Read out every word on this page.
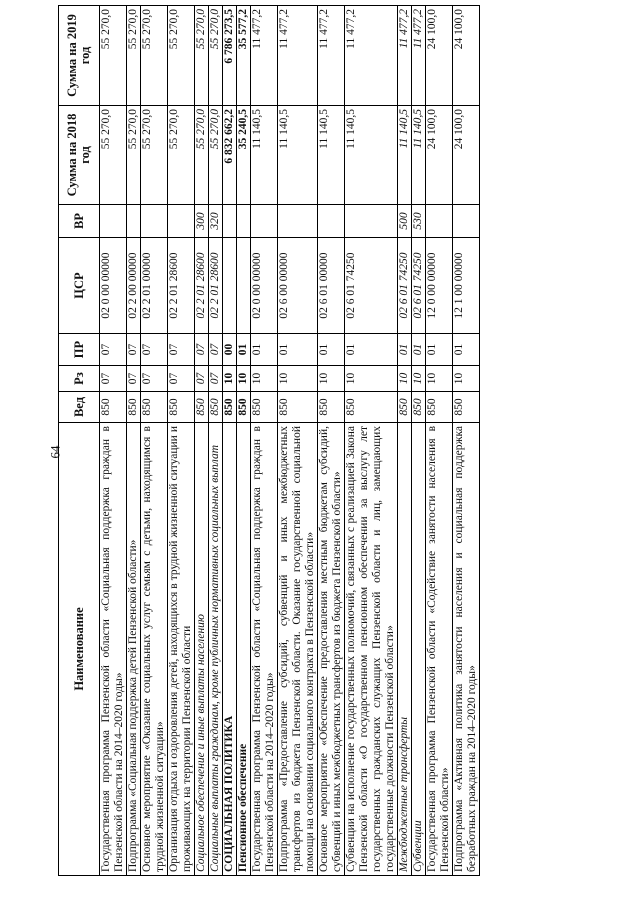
64
Наименование	Вед	Рз	ПР	ЦСР	ВР	Сумма на 2018 год	Сумма на 2019 год
Государственная программа Пензенской области «Социальная поддержка граждан в Пензенской области на 2014–2020 годы»	850	07	07	02 0 00 00000		55 270,0	55 270,0
Подпрограмма «Социальная поддержка детей Пензенской области»	850	07	07	02 2 00 00000		55 270,0	55 270,0
Основное мероприятие «Оказание социальных услуг семьям с детьми, находящимся в трудной жизненной ситуации»	850	07	07	02 2 01 00000		55 270,0	55 270,0
Организация отдыха и оздоровления детей, находящихся в трудной жизненной ситуации и проживающих на территории Пензенской области	850	07	07	02 2 01 28600		55 270,0	55 270,0
Социальное обеспечение и иные выплаты населению	850	07	07	02 2 01 28600	300	55 270,0	55 270,0
Социальные выплаты гражданам, кроме публичных нормативных социальных выплат	850	07	07	02 2 01 28600	320	55 270,0	55 270,0
СОЦИАЛЬНАЯ ПОЛИТИКА	850	10	00			6 832 662,2	6 786 273,5
Пенсионное обеспечение	850	10	01			35 240,5	35 577,2
Государственная программа Пензенской области «Социальная поддержка граждан в Пензенской области на 2014–2020 годы»	850	10	01	02 0 00 00000		11 140,5	11 477,2
Подпрограмма «Предоставление субсидий, субвенций и иных межбюджетных трансфертов из бюджета Пензенской области. Оказание государственной социальной помощи на основании социального контракта в Пензенской области»	850	10	01	02 6 00 00000		11 140,5	11 477,2
Основное мероприятие «Обеспечение предоставления местным бюджетам субсидий, субвенций и иных межбюджетных трансфертов из бюджета Пензенской области»	850	10	01	02 6 01 00000		11 140,5	11 477,2
Субвенции на исполнение государственных полномочий, связанных с реализацией Закона Пензенской области «О государственном пенсионном обеспечении за выслугу лет государственных гражданских служащих Пензенской области и лиц, замещающих государственные должности Пензенской области»	850	10	01	02 6 01 74250		11 140,5	11 477,2
Межбюджетные трансферты	850	10	01	02 6 01 74250	500	11 140,5	11 477,2
Субвенции	850	10	01	02 6 01 74250	530	11 140,5	11 477,2
Государственная программа Пензенской области «Содействие занятости населения в Пензенской области»	850	10	01	12 0 00 00000		24 100,0	24 100,0
Подпрограмма «Активная политика занятости населения и социальная поддержка безработных граждан на 2014–2020 годы»	850	10	01	12 1 00 00000		24 100,0	24 100,0
